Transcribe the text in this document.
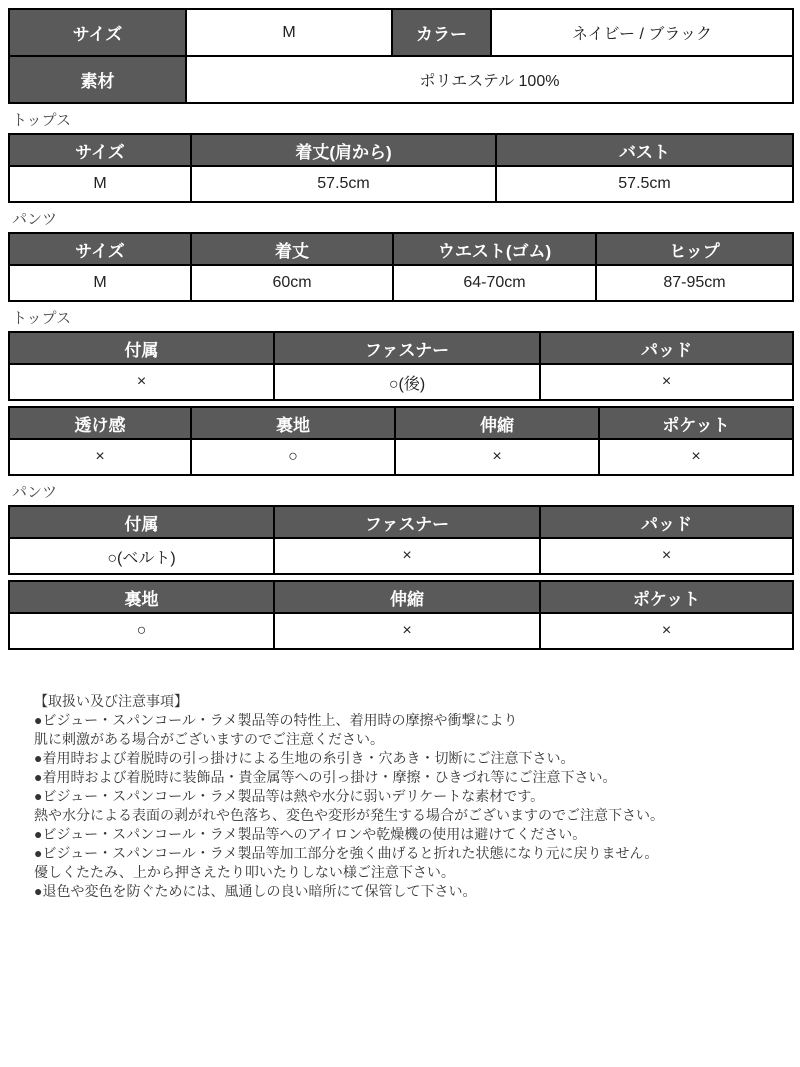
サイズ	M	カラー	ネイビー / ブラック
素材	ポリエステル 100%		
トップス
サイズ	着丈(肩から)	バスト
M	57.5cm	57.5cm
パンツ
サイズ	着丈	ウエスト(ゴム)	ヒップ
M	60cm	64-70cm	87-95cm
トップス
付属	ファスナー	パッド
×	○(後)	×
透け感	裏地	伸縮	ポケット
×	○	×	×
パンツ
付属	ファスナー	パッド
○(ベルト)	×	×
裏地	伸縮	ポケット
○	×	×
【取扱い及び注意事項】
●ビジュー・スパンコール・ラメ製品等の特性上、着用時の摩擦や衝撃により
肌に刺激がある場合がございますのでご注意ください。
●着用時および着脱時の引っ掛けによる生地の糸引き・穴あき・切断にご注意下さい。
●着用時および着脱時に装飾品・貴金属等への引っ掛け・摩擦・ひきづれ等にご注意下さい。
●ビジュー・スパンコール・ラメ製品等は熱や水分に弱いデリケートな素材です。
熱や水分による表面の剥がれや色落ち、変色や変形が発生する場合がございますのでご注意下さい。
●ビジュー・スパンコール・ラメ製品等へのアイロンや乾燥機の使用は避けてください。
●ビジュー・スパンコール・ラメ製品等加工部分を強く曲げると折れた状態になり元に戻りません。
優しくたたみ、上から押さえたり叩いたりしない様ご注意下さい。
●退色や変色を防ぐためには、風通しの良い暗所にて保管して下さい。
